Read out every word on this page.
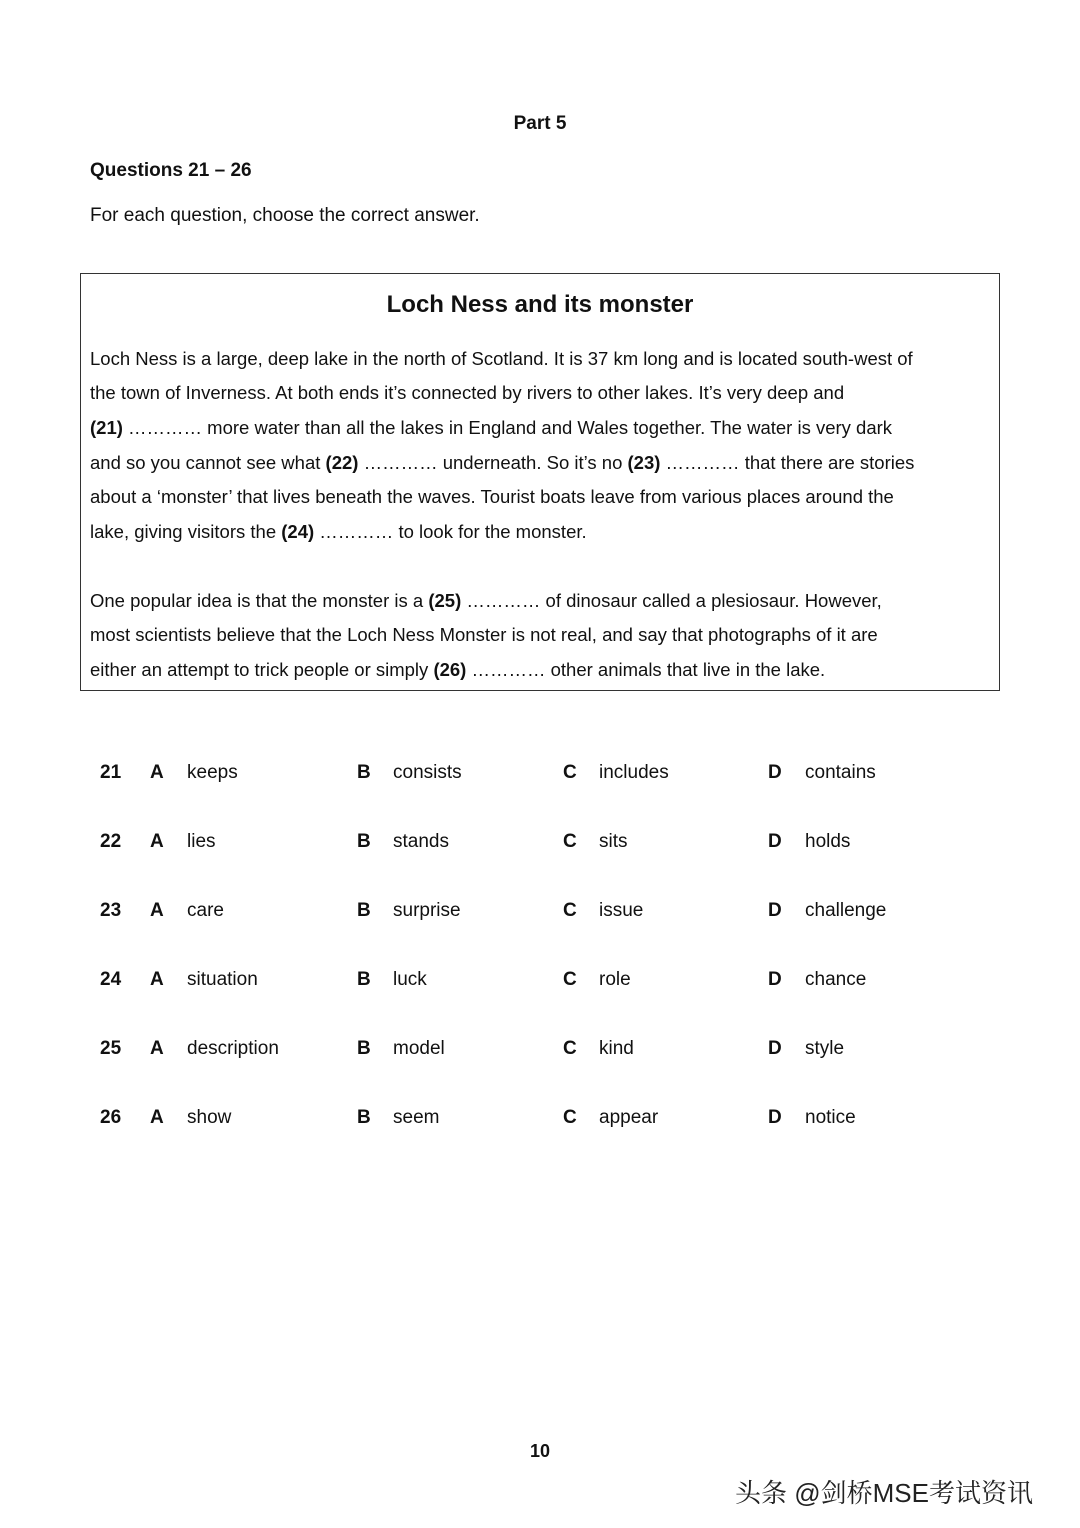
Part 5
Questions 21 – 26
For each question, choose the correct answer.
Loch Ness and its monster
Loch Ness is a large, deep lake in the north of Scotland. It is 37 km long and is located south-west of
the town of Inverness. At both ends it’s connected by rivers to other lakes. It’s very deep and
(21) ………… more water than all the lakes in England and Wales together. The water is very dark
and so you cannot see what (22) ………… underneath. So it’s no (23) ………… that there are stories
about a ‘monster’ that lives beneath the waves. Tourist boats leave from various places around the
lake, giving visitors the (24) ………… to look for the monster.
One popular idea is that the monster is a (25) ………… of dinosaur called a plesiosaur. However,
most scientists believe that the Loch Ness Monster is not real, and say that photographs of it are
either an attempt to trick people or simply (26) ………… other animals that live in the lake.
21 A keeps	B consists	C includes	D contains
22 A lies	B stands	C sits	D holds
23 A care	B surprise	C issue	D challenge
24 A situation	B luck	C role	D chance
25 A description	B model	C kind	D style
26 A show	B seem	C appear	D notice
10
头条 @剑桥MSE考试资讯
